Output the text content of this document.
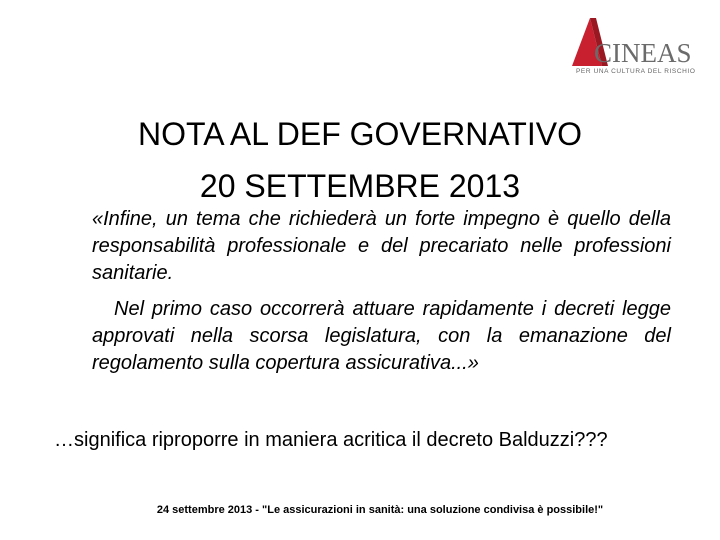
CINEAS
PER UNA CULTURA DEL RISCHIO
NOTA AL DEF GOVERNATIVO
20 SETTEMBRE 2013

«Infine, un tema che richiederà un forte impegno è quello della responsabilità professionale e del precariato nelle professioni sanitarie.

Nel primo caso occorrerà attuare rapidamente i decreti legge approvati nella scorsa legislatura, con la emanazione del regolamento sulla copertura assicurativa...»

…significa riproporre in maniera acritica il decreto Balduzzi???

24 settembre 2013 - "Le assicurazioni in sanità: una soluzione condivisa è possibile!"
